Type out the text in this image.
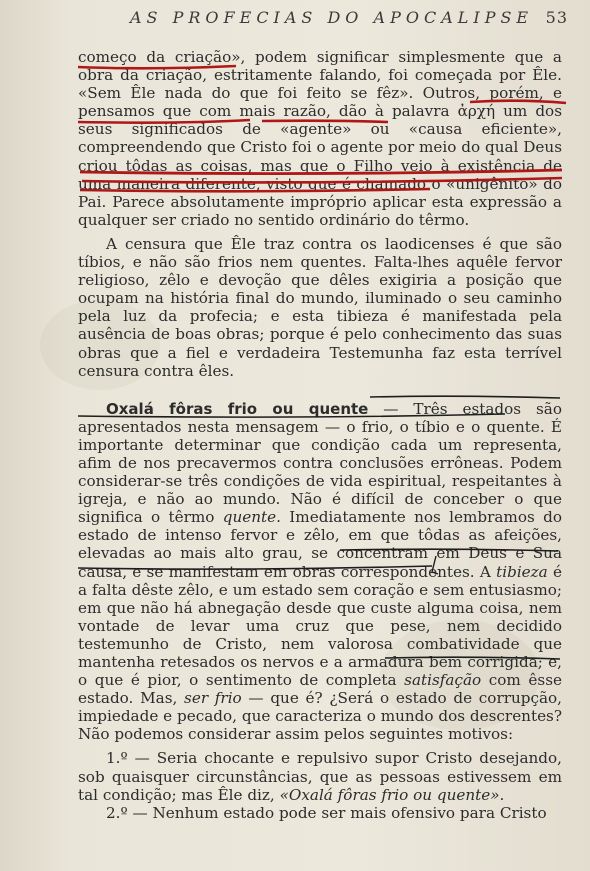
AS PROFECIAS DO APOCALIPSE 53

começo da criação», podem significar simplesmente que a obra da criação, estritamente falando, foi começada por Êle. «Sem Êle nada do que foi feito se fêz». Outros, porém, e pensamos que com mais razão, dão à palavra ἀρχή um dos seus significados de «agente» ou «causa eficiente», compreendendo que Cristo foi o agente por meio do qual Deus criou tôdas as coisas, mas que o Filho veio à existência de uma maneira diferente, visto que é chamado o «unigênito» do Pai. Parece absolutamente impróprio aplicar esta expressão a qualquer ser criado no sentido ordinário do têrmo.

A censura que Êle traz contra os laodicenses é que são tíbios, e não são frios nem quentes. Falta-lhes aquêle fervor religioso, zêlo e devoção que dêles exigiria a posição que ocupam na história final do mundo, iluminado o seu caminho pela luz da profecia; e esta tibieza é manifestada pela ausência de boas obras; porque é pelo conhecimento das suas obras que a fiel e verdadeira Testemunha faz esta terrível censura contra êles.

Oxalá fôras frio ou quente — Três estados são apresentados nesta mensagem — o frio, o tíbio e o quente. É importante determinar que condição cada um representa, afim de nos precavermos contra conclusões errôneas. Podem considerar-se três condições de vida espiritual, respeitantes à igreja, e não ao mundo. Não é difícil de conceber o que significa o têrmo quente. Imediatamente nos lembramos do estado de intenso fervor e zêlo, em que tôdas as afeições, elevadas ao mais alto grau, se concentram em Deus e Sua causa, e se manifestam em obras correspondentes. A tibieza é a falta dêste zêlo, e um estado sem coração e sem entusiasmo; em que não há abnegação desde que custe alguma coisa, nem vontade de levar uma cruz que pese, nem decidido testemunho de Cristo, nem valorosa combatividade que mantenha retesados os nervos e a armadura bem corrigida; e, o que é pior, o sentimento de completa satisfação com êsse estado. Mas, ser frio — que é? ¿Será o estado de corrupção, impiedade e pecado, que caracteriza o mundo dos descrentes? Não podemos considerar assim pelos seguintes motivos:

1.º — Seria chocante e repulsivo supor Cristo desejando, sob quaisquer circunstâncias, que as pessoas estivessem em tal condição; mas Êle diz, «Oxalá fôras frio ou quente».

2.º — Nenhum estado pode ser mais ofensivo para Cristo
